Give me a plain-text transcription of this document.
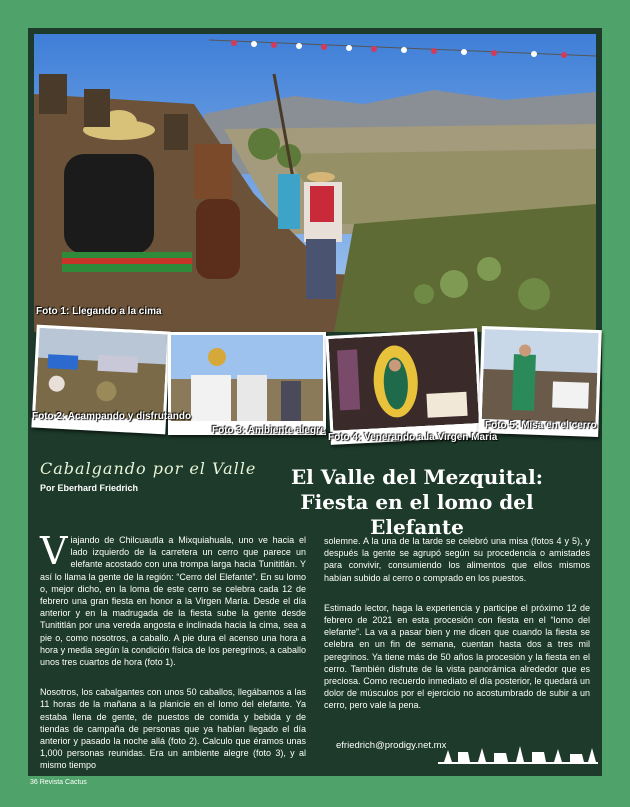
Foto 1: Llegando a la cima
Foto 2: Acampando y disfrutando
Foto 3: Ambiente alegre
Foto 4: Venerando a la Virgen María
Foto 5: Misa en el cerro
Cabalgando por el Valle
Por Eberhard Friedrich	El Valle del Mezquital:
Fiesta en el lomo del Elefante

Viajando de Chilcuautla a Mixquiahuala, uno ve hacia el lado izquierdo de la carretera un cerro que parece un elefante acostado con una trompa larga hacia Tunititlán. Y así lo llama la gente de la región: “Cerro del Elefante”. En su lomo o, mejor dicho, en la loma de este cerro se celebra cada 12 de febrero una gran fiesta en honor a la Virgen María. Desde el día anterior y en la madrugada de la fiesta sube la gente desde Tunititlán por una vereda angosta e inclinada hacia la cima, sea a pie o, como nosotros, a caballo. A pie dura el acenso una hora a hora y media según la condición física de los peregrinos, a caballo unos tres cuartos de hora (foto 1).

Nosotros, los cabalgantes con unos 50 caballos, llegábamos a las 11 horas de la mañana a la planicie en el lomo del elefante. Ya estaba llena de gente, de puestos de comida y bebida y de tiendas de campaña de personas que ya habían llegado el día anterior y pasado la noche allá (foto 2). Calculo que éramos unas 1,000 personas reunidas. Era un ambiente alegre (foto 3), y al mismo tiempo

solemne. A la una de la tarde se celebró una misa (fotos 4 y 5), y después la gente se agrupó según su procedencia o amistades para convivir, consumiendo los alimentos que ellos mismos habían subido al cerro o comprado en los puestos.

Estimado lector, haga la experiencia y participe el próximo 12 de febrero de 2021 en esta procesión con fiesta en el “lomo del elefante”. La va a pasar bien y me dicen que cuando la fiesta se celebra en un fin de semana, cuentan hasta dos a tres mil peregrinos. Ya tiene más de 50 años la procesión y la fiesta en el cerro. También disfrute de la vista panorámica alrededor que es preciosa. Como recuerdo inmediato el día posterior, le quedará un dolor de músculos por el ejercicio no acostumbrado de subir a un cerro, pero vale la pena.

efriedrich@prodigy.net.mx
36 Revista Cactus
